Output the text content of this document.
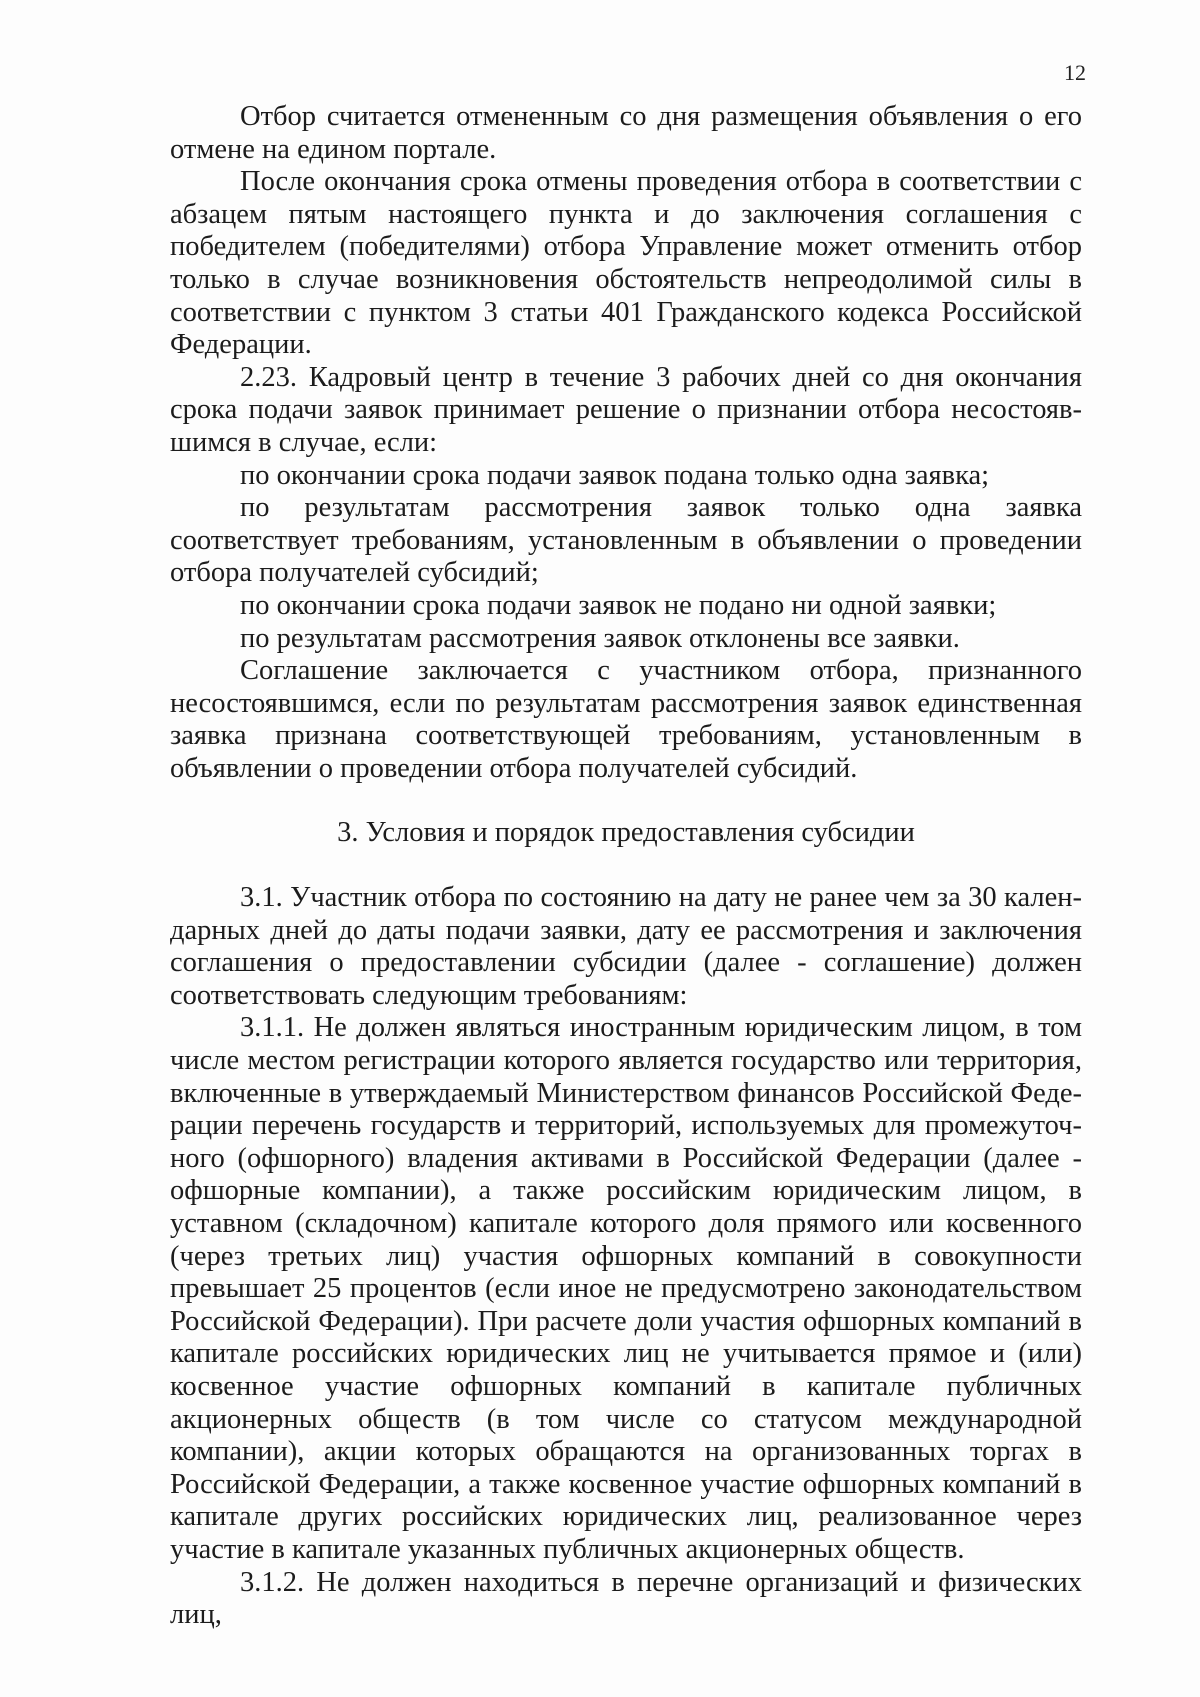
12

Отбор считается отмененным со дня размещения объявления о его отмене на едином портале.

После окончания срока отмены проведения отбора в соответствии с абзацем пятым настоящего пункта и до заключения соглашения с победителем (победителями) отбора Управление может отменить отбор только в случае возникновения обстоятельств непреодолимой силы в соответствии с пунктом 3 статьи 401 Гражданского кодекса Российской Федерации.

2.23. Кадровый центр в течение 3 рабочих дней со дня окончания срока подачи заявок принимает решение о признании отбора несостоявшимся в случае, если:

по окончании срока подачи заявок подана только одна заявка;

по результатам рассмотрения заявок только одна заявка соответствует требованиям, установленным в объявлении о проведении отбора получателей субсидий;

по окончании срока подачи заявок не подано ни одной заявки;

по результатам рассмотрения заявок отклонены все заявки.

Соглашение заключается с участником отбора, признанного несостоявшимся, если по результатам рассмотрения заявок единственная заявка признана соответствующей требованиям, установленным в объявлении о проведении отбора получателей субсидий.

3. Условия и порядок предоставления субсидии

3.1. Участник отбора по состоянию на дату не ранее чем за 30 календарных дней до даты подачи заявки, дату ее рассмотрения и заключения соглашения о предоставлении субсидии (далее - соглашение) должен соответствовать следующим требованиям:

3.1.1. Не должен являться иностранным юридическим лицом, в том числе местом регистрации которого является государство или территория, включенные в утверждаемый Министерством финансов Российской Федерации перечень государств и территорий, используемых для промежуточного (офшорного) владения активами в Российской Федерации (далее - офшорные компании), а также российским юридическим лицом, в уставном (складочном) капитале которого доля прямого или косвенного (через третьих лиц) участия офшорных компаний в совокупности превышает 25 процентов (если иное не предусмотрено законодательством Российской Федерации). При расчете доли участия офшорных компаний в капитале российских юридических лиц не учитывается прямое и (или) косвенное участие офшорных компаний в капитале публичных акционерных обществ (в том числе со статусом международной компании), акции которых обращаются на организованных торгах в Российской Федерации, а также косвенное участие офшорных компаний в капитале других российских юридических лиц, реализованное через участие в капитале указанных публичных акционерных обществ.

3.1.2. Не должен находиться в перечне организаций и физических лиц,
